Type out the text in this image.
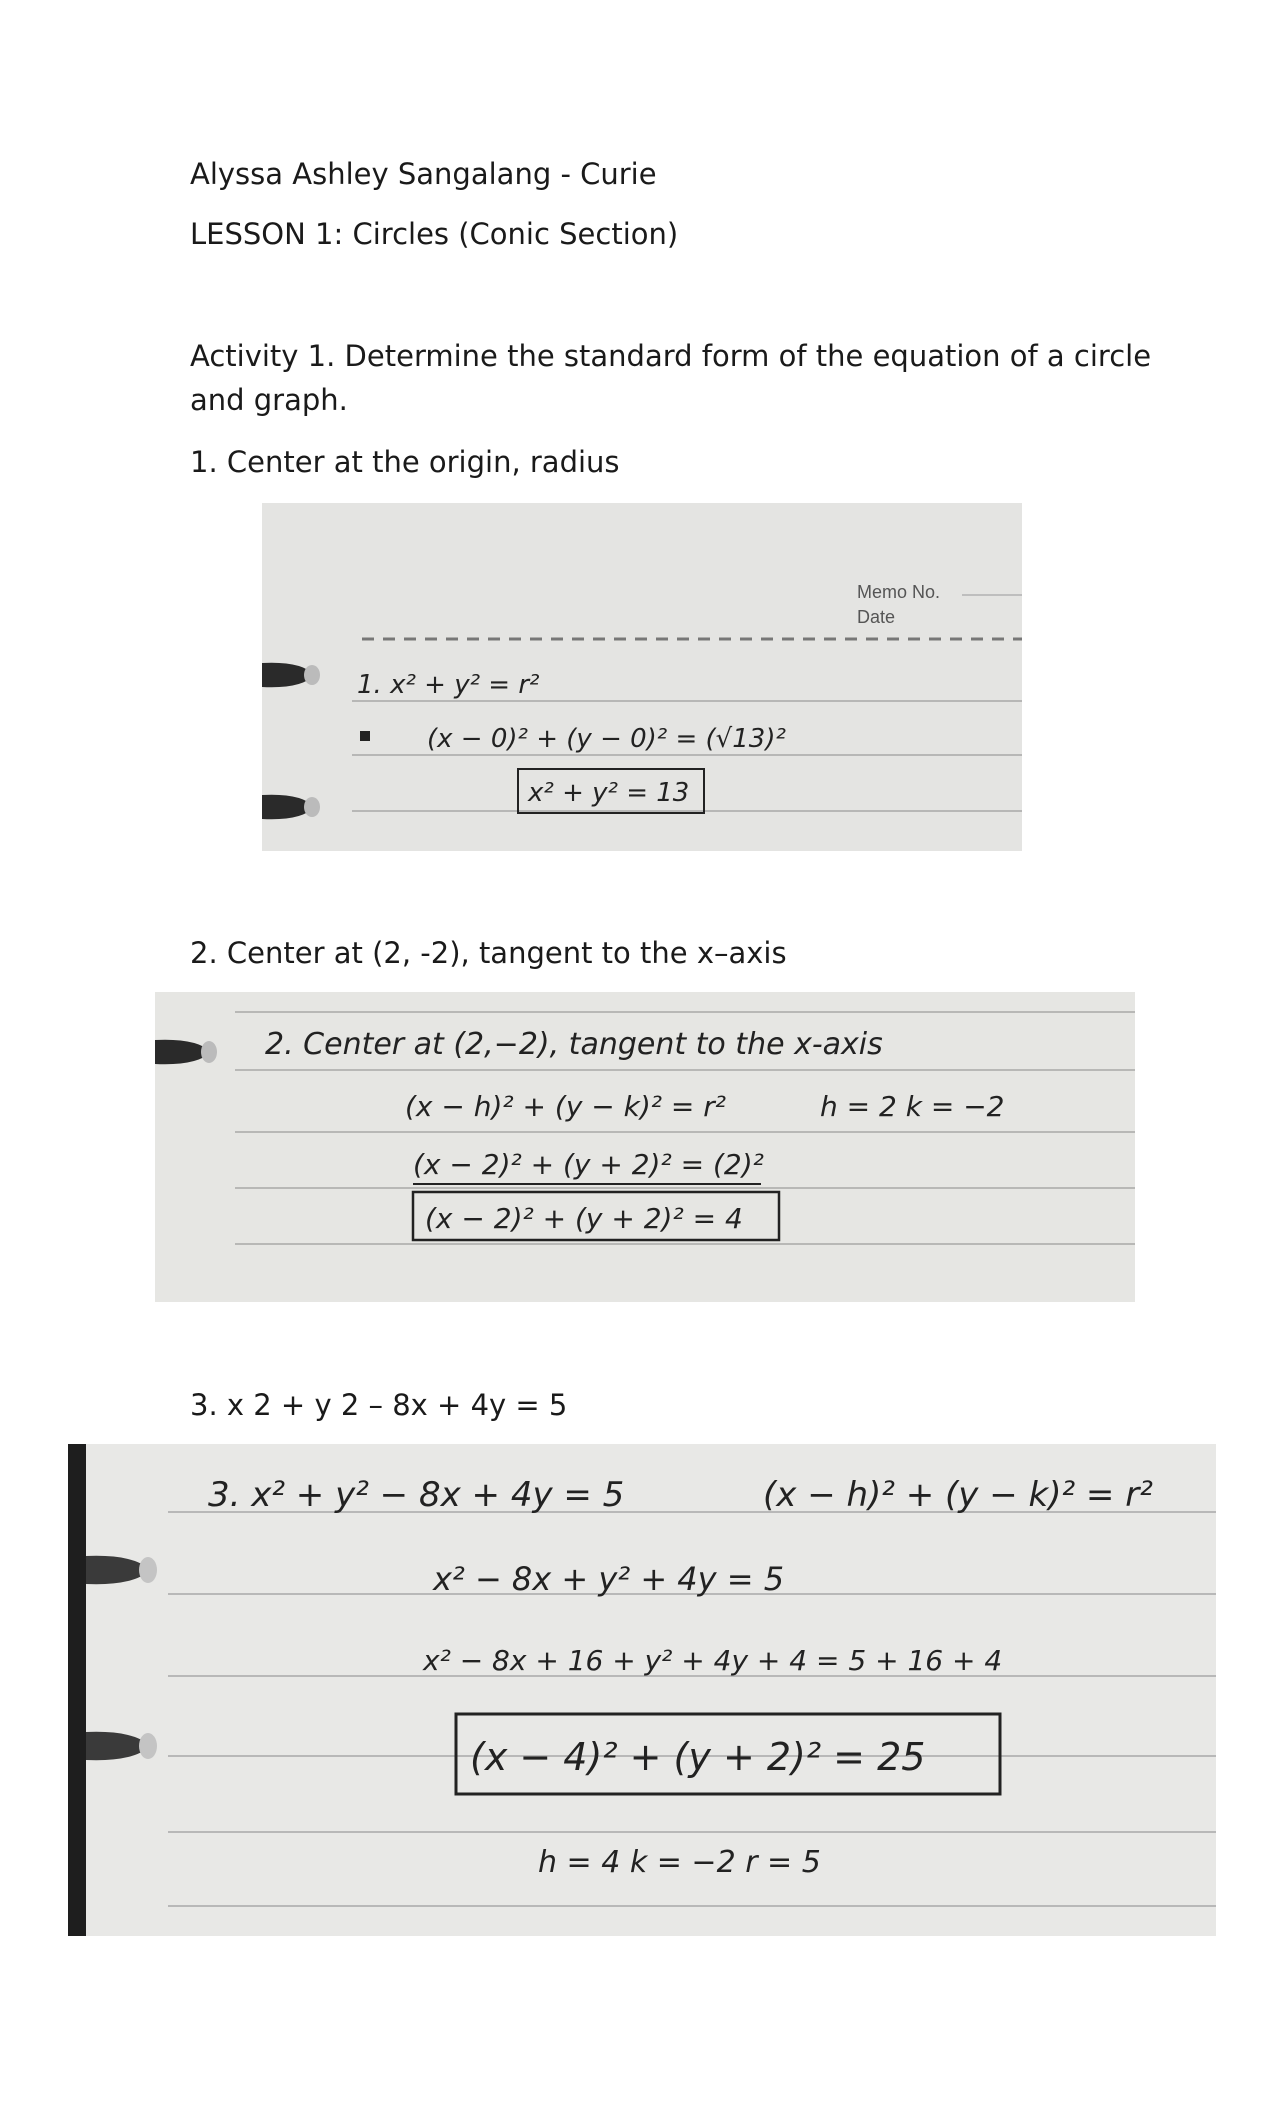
Alyssa Ashley Sangalang - Curie
LESSON 1: Circles (Conic Section)
Activity 1. Determine the standard form of the equation of a circle
and graph.
1. Center at the origin, radius
Memo No.
Date
1. x² + y² = r²
(x − 0)² + (y − 0)² = (√13)²
x² + y² = 13
2. Center at (2, -2), tangent to the x–axis
2. Center at (2,−2), tangent to the x-axis
(x − h)² + (y − k)² = r²	h = 2 k = −2
(x − 2)² + (y + 2)² = (2)²
(x − 2)² + (y + 2)² = 4
3. x 2 + y 2 – 8x + 4y = 5
3. x² + y² − 8x + 4y = 5	(x − h)² + (y − k)² = r²
x² − 8x + y² + 4y = 5
x² − 8x + 16 + y² + 4y + 4 = 5 + 16 + 4
(x − 4)² + (y + 2)² = 25
h = 4 k = −2 r = 5
